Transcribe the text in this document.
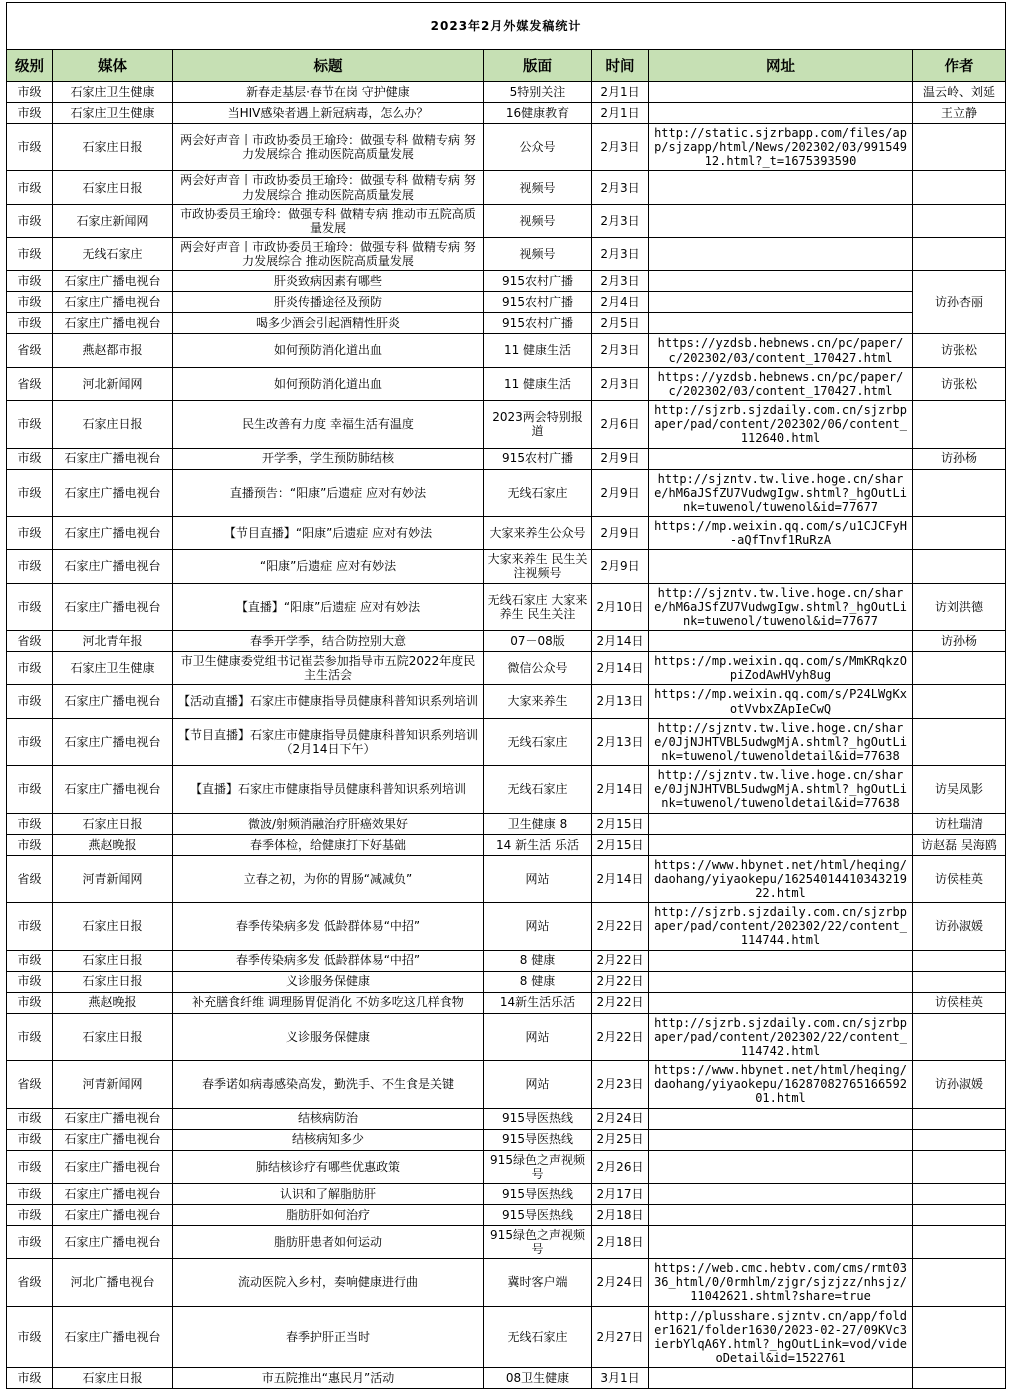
2023年2月外媒发稿统计						
级别	媒体	标题	版面	时间	网址	作者
市级	石家庄卫生健康	新春走基层·春节在岗 守护健康	5特别关注	2月1日		温云岭、刘延
市级	石家庄卫生健康	当HIV感染者遇上新冠病毒，怎么办？	16健康教育	2月1日		王立静
市级	石家庄日报	两会好声音丨市政协委员王瑜玲：做强专科 做精专病 努力发展综合 推动医院高质量发展	公众号	2月3日	http://static.sjzrbapp.com/files/app/sjzapp/html/News/202302/03/99154912.html?_t=1675393590	
市级	石家庄日报	两会好声音丨市政协委员王瑜玲：做强专科 做精专病 努力发展综合 推动医院高质量发展	视频号	2月3日		
市级	石家庄新闻网	市政协委员王瑜玲：做强专科 做精专病 推动市五院高质量发展	视频号	2月3日		
市级	无线石家庄	两会好声音丨市政协委员王瑜玲：做强专科 做精专病 努力发展综合 推动医院高质量发展	视频号	2月3日		
市级	石家庄广播电视台	肝炎致病因素有哪些	915农村广播	2月3日		访孙杏丽
市级	石家庄广播电视台	肝炎传播途径及预防	915农村广播	2月4日		
市级	石家庄广播电视台	喝多少酒会引起酒精性肝炎	915农村广播	2月5日		
省级	燕赵都市报	如何预防消化道出血	11 健康生活	2月3日	https://yzdsb.hebnews.cn/pc/paper/c/202302/03/content_170427.html	访张松
省级	河北新闻网	如何预防消化道出血	11 健康生活	2月3日	https://yzdsb.hebnews.cn/pc/paper/c/202302/03/content_170427.html	访张松
市级	石家庄日报	民生改善有力度 幸福生活有温度	2023两会特别报道	2月6日	http://sjzrb.sjzdaily.com.cn/sjzrbpaper/pad/content/202302/06/content_112640.html	
市级	石家庄广播电视台	开学季，学生预防肺结核	915农村广播	2月9日		访孙杨
市级	石家庄广播电视台	直播预告：“阳康”后遗症 应对有妙法	无线石家庄	2月9日	http://sjzntv.tw.live.hoge.cn/share/hM6aJSfZU7VudwgIgw.shtml?_hgOutLink=tuwenol/tuwenol&id=77677	
市级	石家庄广播电视台	【节目直播】“阳康”后遗症 应对有妙法	大家来养生公众号	2月9日	https://mp.weixin.qq.com/s/u1CJCFyH-aQfTnvf1RuRzA	
市级	石家庄广播电视台	“阳康”后遗症 应对有妙法	大家来养生 民生关注视频号	2月9日		
市级	石家庄广播电视台	【直播】“阳康”后遗症 应对有妙法	无线石家庄 大家来养生 民生关注	2月10日	http://sjzntv.tw.live.hoge.cn/share/hM6aJSfZU7VudwgIgw.shtml?_hgOutLink=tuwenol/tuwenol&id=77677	访刘洪德
省级	河北青年报	春季开学季，结合防控别大意	07－08版	2月14日		访孙杨
市级	石家庄卫生健康	市卫生健康委党组书记崔芸参加指导市五院2022年度民主生活会	微信公众号	2月14日	https://mp.weixin.qq.com/s/MmKRqkzOpiZodAwHVyh8ug	
市级	石家庄广播电视台	【活动直播】石家庄市健康指导员健康科普知识系列培训	大家来养生	2月13日	https://mp.weixin.qq.com/s/P24LWgKxotVvbxZApIeCwQ	
市级	石家庄广播电视台	【节目直播】石家庄市健康指导员健康科普知识系列培训（2月14日下午）	无线石家庄	2月13日	http://sjzntv.tw.live.hoge.cn/share/0JjNJHTVBL5udwgMjA.shtml?_hgOutLink=tuwenol/tuwenoldetail&id=77638	
市级	石家庄广播电视台	【直播】石家庄市健康指导员健康科普知识系列培训	无线石家庄	2月14日	http://sjzntv.tw.live.hoge.cn/share/0JjNJHTVBL5udwgMjA.shtml?_hgOutLink=tuwenol/tuwenoldetail&id=77638	访吴凤影
市级	石家庄日报	微波/射频消融治疗肝癌效果好	卫生健康 8	2月15日		访杜瑞清
市级	燕赵晚报	春季体检，给健康打下好基础	14 新生活 乐活	2月15日		访赵磊 吴海鸥
省级	河青新闻网	立春之初，为你的胃肠“减减负”	网站	2月14日	https://www.hbynet.net/html/heqing/daohang/yiyaokepu/1625401441034321922.html	访侯桂英
市级	石家庄日报	春季传染病多发 低龄群体易“中招”	网站	2月22日	http://sjzrb.sjzdaily.com.cn/sjzrbpaper/pad/content/202302/22/content_114744.html	访孙淑媛
市级	石家庄日报	春季传染病多发 低龄群体易“中招”	8 健康	2月22日		
市级	石家庄日报	义诊服务保健康	8 健康	2月22日		
市级	燕赵晚报	补充膳食纤维 调理肠胃促消化 不妨多吃这几样食物	14新生活乐活	2月22日		访侯桂英
市级	石家庄日报	义诊服务保健康	网站	2月22日	http://sjzrb.sjzdaily.com.cn/sjzrbpaper/pad/content/202302/22/content_114742.html	
省级	河青新闻网	春季诺如病毒感染高发，勤洗手、不生食是关键	网站	2月23日	https://www.hbynet.net/html/heqing/daohang/yiyaokepu/1628708276516659201.html	访孙淑媛
市级	石家庄广播电视台	结核病防治	915导医热线	2月24日		
市级	石家庄广播电视台	结核病知多少	915导医热线	2月25日		
市级	石家庄广播电视台	肺结核诊疗有哪些优惠政策	915绿色之声视频号	2月26日		
市级	石家庄广播电视台	认识和了解脂肪肝	915导医热线	2月17日		
市级	石家庄广播电视台	脂肪肝如何治疗	915导医热线	2月18日		
市级	石家庄广播电视台	脂肪肝患者如何运动	915绿色之声视频号	2月18日		
省级	河北广播电视台	流动医院入乡村，奏响健康进行曲	冀时客户端	2月24日	https://web.cmc.hebtv.com/cms/rmt0336_html/0/0rmhlm/zjgr/sjzjzz/nhsjz/11042621.shtml?share=true	
市级	石家庄广播电视台	春季护肝正当时	无线石家庄	2月27日	http://plusshare.sjzntv.cn/app/folder1621/folder1630/2023-02-27/09KVc3ierbYlqA6Y.html?_hgOutLink=vod/videoDetail&id=1522761	
市级	石家庄日报	市五院推出“惠民月”活动	08卫生健康	3月1日		
